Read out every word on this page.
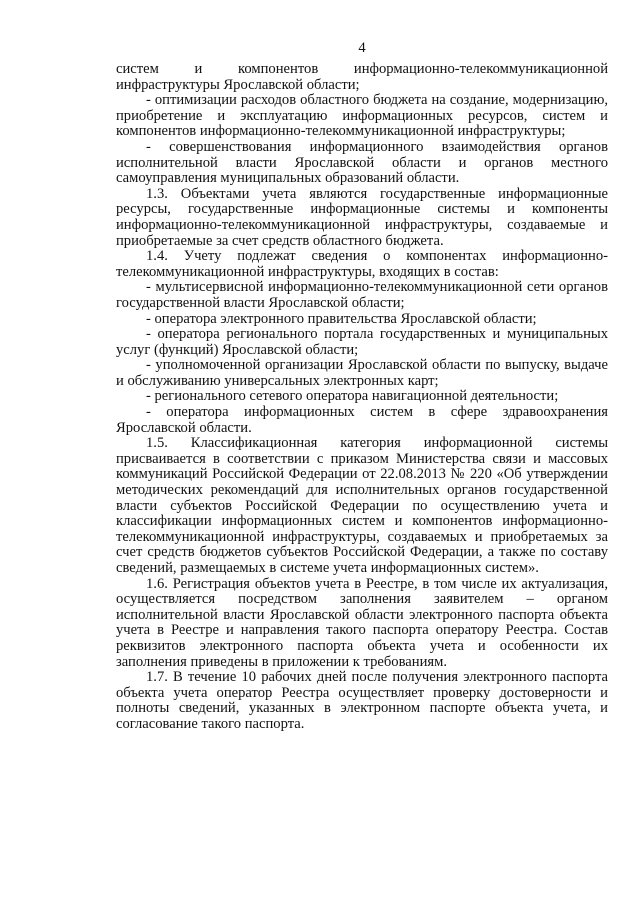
4

систем и компонентов информационно-телекоммуникационной инфраструктуры Ярославской области;

- оптимизации расходов областного бюджета на создание, модернизацию, приобретение и эксплуатацию информационных ресурсов, систем и компонентов информационно-телекоммуникационной инфраструктуры;

- совершенствования информационного взаимодействия органов исполнительной власти Ярославской области и органов местного самоуправления муниципальных образований области.

1.3. Объектами учета являются государственные информационные ресурсы, государственные информационные системы и компоненты информационно-телекоммуникационной инфраструктуры, создаваемые и приобретаемые за счет средств областного бюджета.

1.4. Учету подлежат сведения о компонентах информационно-телекоммуникационной инфраструктуры, входящих в состав:

- мультисервисной информационно-телекоммуникационной сети органов государственной власти Ярославской области;

- оператора электронного правительства Ярославской области;

- оператора регионального портала государственных и муниципальных услуг (функций) Ярославской области;

- уполномоченной организации Ярославской области по выпуску, выдаче и обслуживанию универсальных электронных карт;

- регионального сетевого оператора навигационной деятельности;

- оператора информационных систем в сфере здравоохранения Ярославской области.

1.5. Классификационная категория информационной системы присваивается в соответствии с приказом Министерства связи и массовых коммуникаций Российской Федерации от 22.08.2013 № 220 «Об утверждении методических рекомендаций для исполнительных органов государственной власти субъектов Российской Федерации по осуществлению учета и классификации информационных систем и компонентов информационно-телекоммуникационной инфраструктуры, создаваемых и приобретаемых за счет средств бюджетов субъектов Российской Федерации, а также по составу сведений, размещаемых в системе учета информационных систем».

1.6. Регистрация объектов учета в Реестре, в том числе их актуализация, осуществляется посредством заполнения заявителем – органом исполнительной власти Ярославской области электронного паспорта объекта учета в Реестре и направления такого паспорта оператору Реестра. Состав реквизитов электронного паспорта объекта учета и особенности их заполнения приведены в приложении к требованиям.

1.7. В течение 10 рабочих дней после получения электронного паспорта объекта учета оператор Реестра осуществляет проверку достоверности и полноты сведений, указанных в электронном паспорте объекта учета, и согласование такого паспорта.
